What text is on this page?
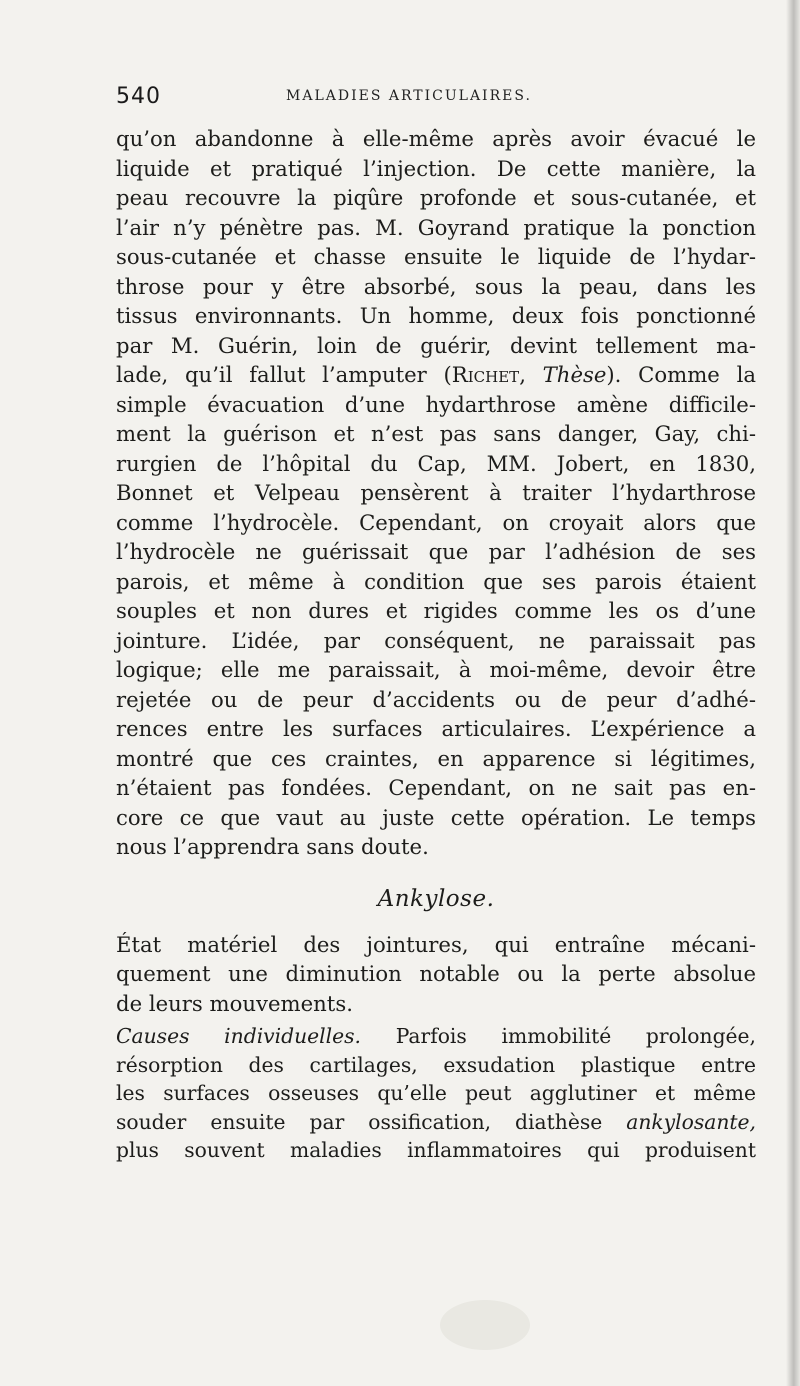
540	MALADIES ARTICULAIRES.

qu’on abandonne à elle-même après avoir évacué le

liquide et pratiqué l’injection. De cette manière, la

peau recouvre la piqûre profonde et sous-cutanée, et

l’air n’y pénètre pas. M. Goyrand pratique la ponction

sous-cutanée et chasse ensuite le liquide de l’hydar-

throse pour y être absorbé, sous la peau, dans les

tissus environnants. Un homme, deux fois ponctionné

par M. Guérin, loin de guérir, devint tellement ma-

lade, qu’il fallut l’amputer (Richet, Thèse). Comme la

simple évacuation d’une hydarthrose amène difficile-

ment la guérison et n’est pas sans danger, Gay, chi-

rurgien de l’hôpital du Cap, MM. Jobert, en 1830,

Bonnet et Velpeau pensèrent à traiter l’hydarthrose

comme l’hydrocèle. Cependant, on croyait alors que

l’hydrocèle ne guérissait que par l’adhésion de ses

parois, et même à condition que ses parois étaient

souples et non dures et rigides comme les os d’une

jointure. L’idée, par conséquent, ne paraissait pas

logique; elle me paraissait, à moi-même, devoir être

rejetée ou de peur d’accidents ou de peur d’adhé-

rences entre les surfaces articulaires. L’expérience a

montré que ces craintes, en apparence si légitimes,

n’étaient pas fondées. Cependant, on ne sait pas en-

core ce que vaut au juste cette opération. Le temps

nous l’apprendra sans doute.

Ankylose.

État matériel des jointures, qui entraîne mécani-

quement une diminution notable ou la perte absolue

de leurs mouvements.

Causes individuelles. Parfois immobilité prolongée,

résorption des cartilages, exsudation plastique entre

les surfaces osseuses qu’elle peut agglutiner et même

souder ensuite par ossification, diathèse ankylosante,

plus souvent maladies inflammatoires qui produisent
